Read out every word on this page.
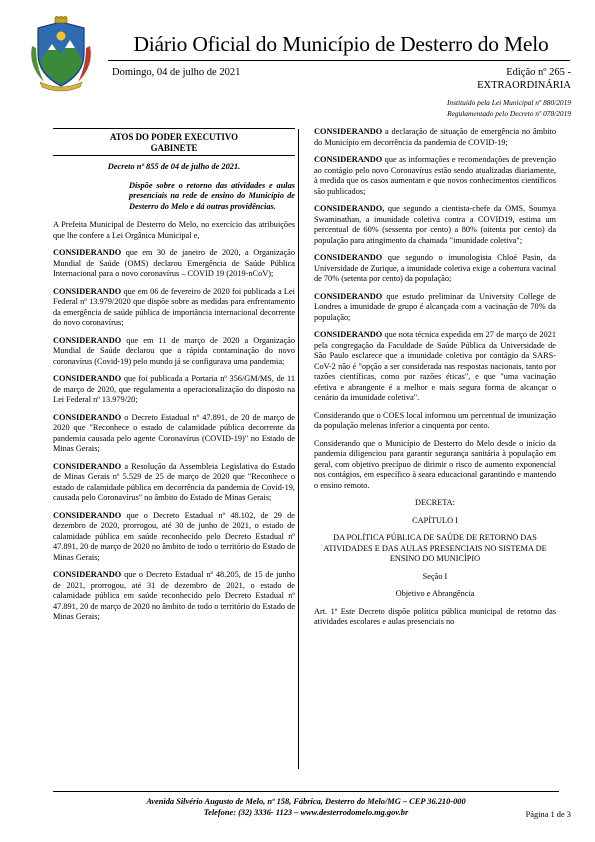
Diário Oficial do Município de Desterro do Melo
Domingo, 04 de julho de 2021	Edição nº 265 -
EXTRAORDINÁRIA
Instituído pela Lei Municipal nº 880/2019
Regulamentado pelo Decreto nº 078/2019
ATOS DO PODER EXECUTIVO
GABINETE
Decreto nº 855 de 04 de julho de 2021.
Dispõe sobre o retorno das atividades e aulas presenciais na rede de ensino do Município de Desterro do Melo e dá outras providências.

A Prefeita Municipal de Desterro do Melo, no exercício das atribuições que lhe confere a Lei Orgânica Municipal e,

CONSIDERANDO que em 30 de janeiro de 2020, a Organização Mundial de Saúde (OMS) declarou Emergência de Saúde Pública Internacional para o novo coronavírus – COVID 19 (2019-nCoV);

CONSIDERANDO que em 06 de fevereiro de 2020 foi publicada a Lei Federal nº 13.979/2020 que dispõe sobre as medidas para enfrentamento da emergência de saúde pública de importância internacional decorrente do novo coronavírus;

CONSIDERANDO que em 11 de março de 2020 a Organização Mundial de Saúde declarou que a rápida contaminação do novo coronavírus (Covid-19) pelo mundo já se configurava uma pandemia;

CONSIDERANDO que foi publicada a Portaria nº 356/GM/MS, de 11 de março de 2020, que regulamenta a operacionalização do disposto na Lei Federal nº 13.979/20;

CONSIDERANDO o Decreto Estadual nº 47.891, de 20 de março de 2020 que "Reconhece o estado de calamidade pública decorrente da pandemia causada pelo agente Coronavírus (COVID-19)" no Estado de Minas Gerais;

CONSIDERANDO a Resolução da Assembleia Legislativa do Estado de Minas Gerais nº 5.529 de 25 de março de 2020 que "Reconhece o estado de calamidade pública em decorrência da pandemia de Covid-19, causada pelo Coronavírus" no âmbito do Estado de Minas Gerais;

CONSIDERANDO que o Decreto Estadual nº 48.102, de 29 de dezembro de 2020, prorrogou, até 30 de junho de 2021, o estado de calamidade pública em saúde reconhecido pelo Decreto Estadual nº 47.891, 20 de março de 2020 no âmbito de todo o território do Estado de Minas Gerais;

CONSIDERANDO que o Decreto Estadual nº 48.205, de 15 de junho de 2021, prorrogou, até 31 de dezembro de 2021, o estado de calamidade pública em saúde reconhecido pelo Decreto Estadual nº 47.891, 20 de março de 2020 no âmbito de todo o território do Estado de Minas Gerais;

CONSIDERANDO a declaração de situação de emergência no âmbito do Município em decorrência da pandemia de COVID-19;

CONSIDERANDO que as informações e recomendações de prevenção ao contágio pelo novo Coronavírus estão sendo atualizadas diariamente, à medida que os casos aumentam e que novos conhecimentos científicos são publicados;

CONSIDERANDO, que segundo a cientista-chefe da OMS, Soumya Swaminathan, a imunidade coletiva contra a COVID19, estima um percentual de 60% (sessenta por cento) a 80% (oitenta por cento) da população para atingimento da chamada "imunidade coletiva";

CONSIDERANDO que segundo o imunologista Chloé Pasin, da Universidade de Zurique, a imunidade coletiva exige a cobertura vacinal de 70% (setenta por cento) da população;

CONSIDERANDO que estudo preliminar da University College de Londres a imunidade de grupo é alcançada com a vacinação de 70% da população;

CONSIDERANDO que nota técnica expedida em 27 de março de 2021 pela congregação da Faculdade de Saúde Pública da Universidade de São Paulo esclarece que a imunidade coletiva por contágio da SARS-CoV-2 não é "opção a ser considerada nas respostas nacionais, tanto por razões científicas, como por razões éticas", e que "uma vacinação efetiva e abrangente é a melhor e mais segura forma de alcançar o cenário da imunidade coletiva".

Considerando que o COES local informou um percentual de imunização da população melenas inferior a cinquenta por cento.

Considerando que o Município de Desterro do Melo desde o início da pandemia diligenciou para garantir segurança sanitária à população em geral, com objetivo precípuo de dirimir o risco de aumento exponencial nos contágios, em específico à seara educacional garantindo e mantendo o ensino remoto.

DECRETA:
CAPÍTULO I

DA POLÍTICA PÚBLICA DE SAÚDE DE RETORNO DAS ATIVIDADES E DAS AULAS PRESENCIAIS NO SISTEMA DE ENSINO DO MUNICÍPIO

Seção I
Objetivo e Abrangência

Art. 1º Este Decreto dispõe política pública municipal de retorno das atividades escolares e aulas presenciais no

Avenida Silvério Augusto de Melo, nº 158, Fábrica, Desterro do Melo/MG – CEP 36.210-000
Telefone: (32) 3336- 1123 – www.desterrodomelo.mg.gov.br	Página 1 de 3
